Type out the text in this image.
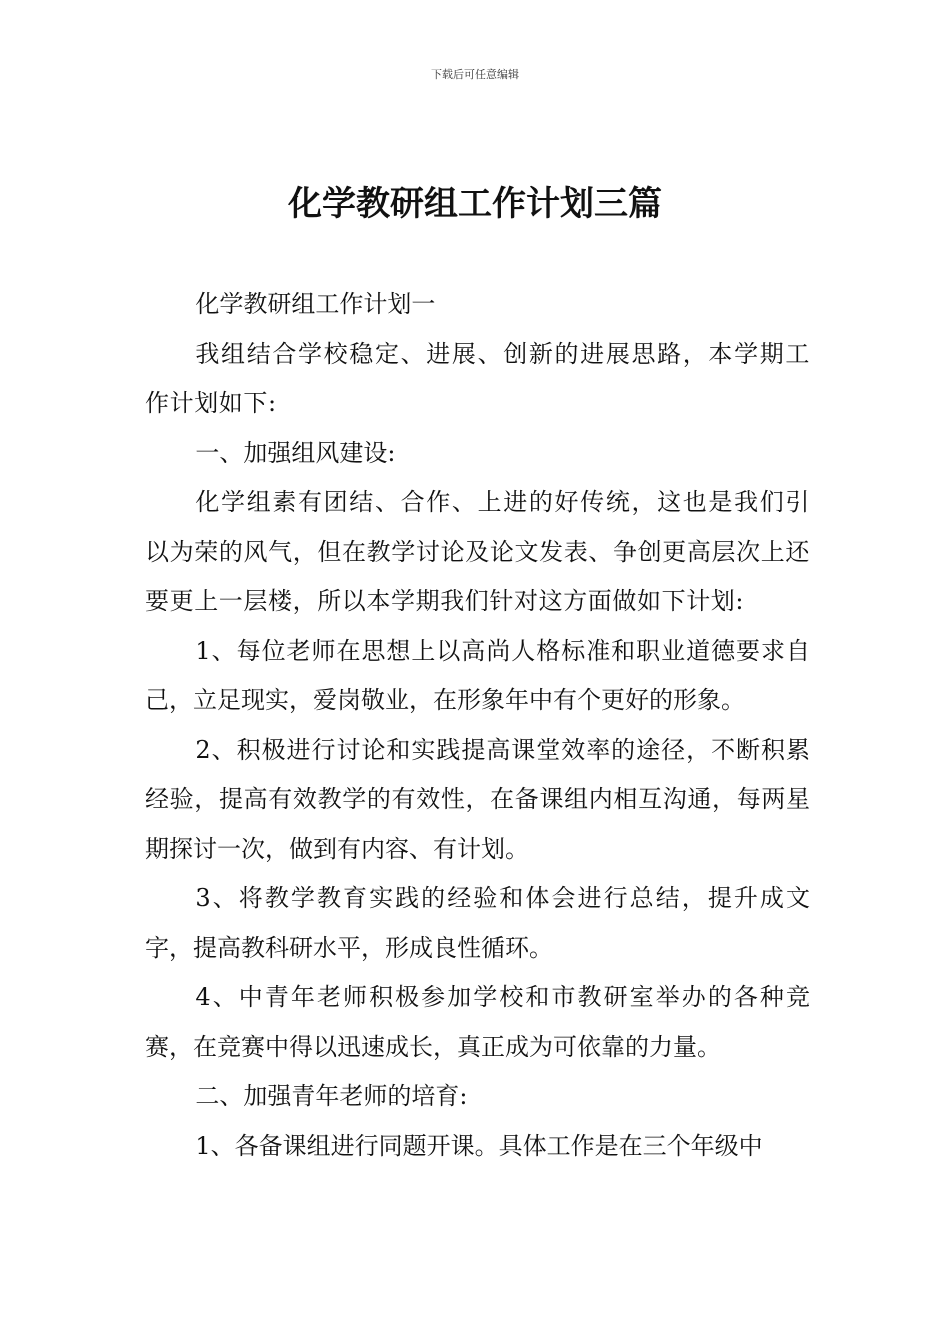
下载后可任意编辑
化学教研组工作计划三篇

化学教研组工作计划一

我组结合学校稳定、进展、创新的进展思路，本学期工作计划如下:

一、加强组风建设:

化学组素有团结、合作、上进的好传统，这也是我们引以为荣的风气，但在教学讨论及论文发表、争创更高层次上还要更上一层楼，所以本学期我们针对这方面做如下计划:

1、每位老师在思想上以高尚人格标准和职业道德要求自己，立足现实，爱岗敬业，在形象年中有个更好的形象。

2、积极进行讨论和实践提高课堂效率的途径，不断积累经验，提高有效教学的有效性，在备课组内相互沟通，每两星期探讨一次，做到有内容、有计划。

3、将教学教育实践的经验和体会进行总结，提升成文字，提高教科研水平，形成良性循环。

4、中青年老师积极参加学校和市教研室举办的各种竞赛，在竞赛中得以迅速成长，真正成为可依靠的力量。

二、加强青年老师的培育:

1、各备课组进行同题开课。具体工作是在三个年级中
